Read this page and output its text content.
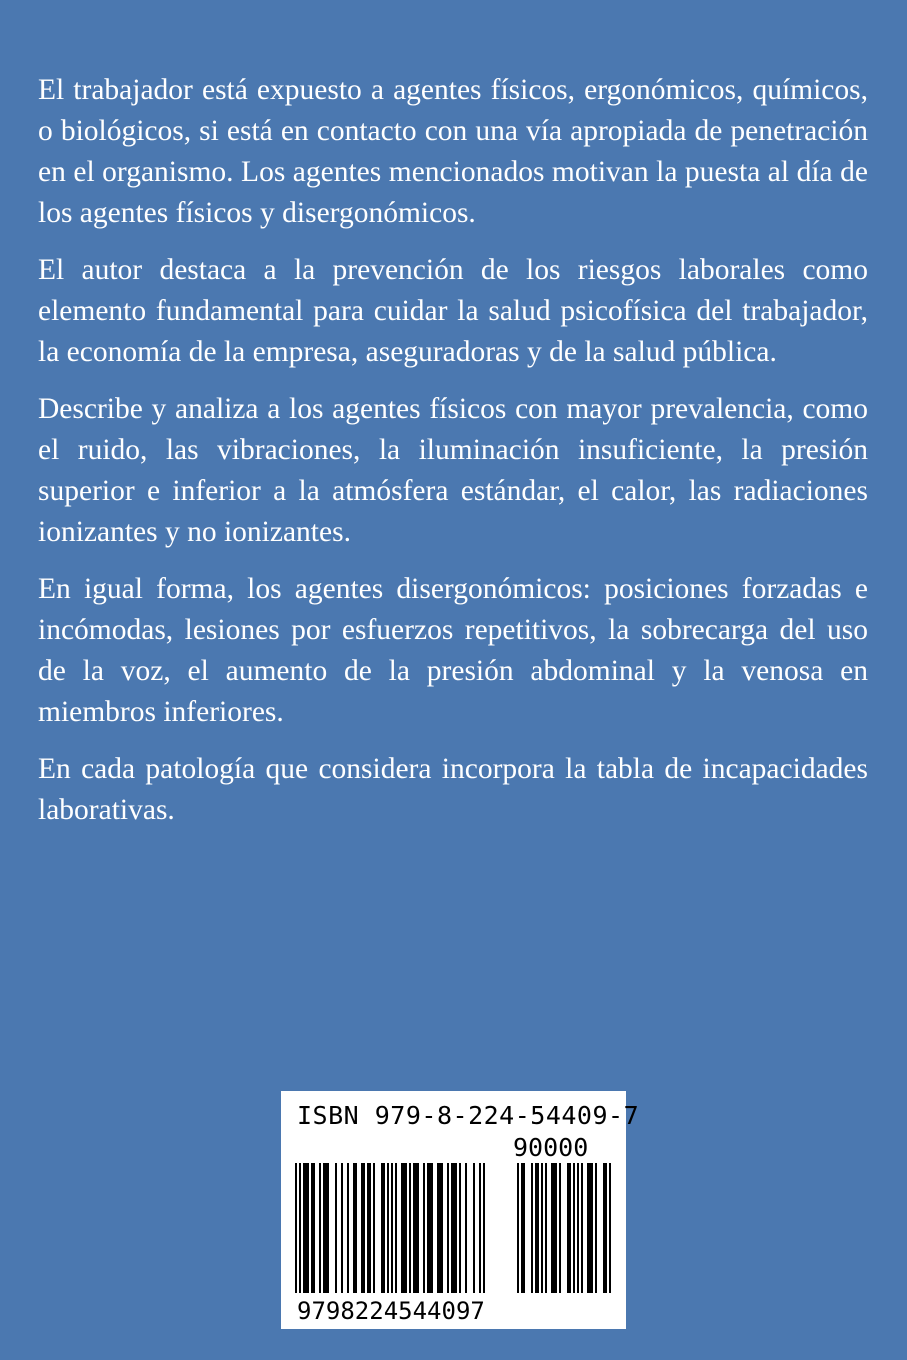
El trabajador está expuesto a agentes físicos, ergonómicos, químicos, o biológicos, si está en contacto con una vía apropiada de penetración en el organismo. Los agentes mencionados motivan la puesta al día de los agentes físicos y disergonómicos.

El autor destaca a la prevención de los riesgos laborales como elemento fundamental para cuidar la salud psicofísica del trabajador, la economía de la empresa, aseguradoras y de la salud pública.

Describe y analiza a los agentes físicos con mayor prevalencia, como el ruido, las vibraciones, la iluminación insuficiente, la presión superior e inferior a la atmósfera estándar, el calor, las radiaciones ionizantes y no ionizantes.

En igual forma, los agentes disergonómicos: posiciones forzadas e incómodas, lesiones por esfuerzos repetitivos, la sobrecarga del uso de la voz, el aumento de la presión abdominal y la venosa en miembros inferiores.

En cada patología que considera incorpora la tabla de incapacidades laborativas.

ISBN 979-8-224-54409-7
90000
9798224544097
